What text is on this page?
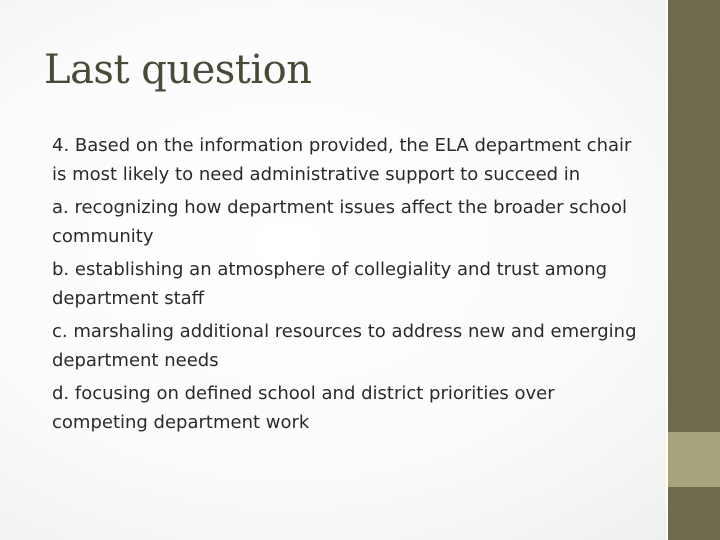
Last question

4. Based on the information provided, the ELA department chair is most likely to need administrative support to succeed in

a. recognizing how department issues affect the broader school community

b. establishing an atmosphere of collegiality and trust among department staff

c. marshaling additional resources to address new and emerging department needs

d. focusing on defined school and district priorities over competing department work
